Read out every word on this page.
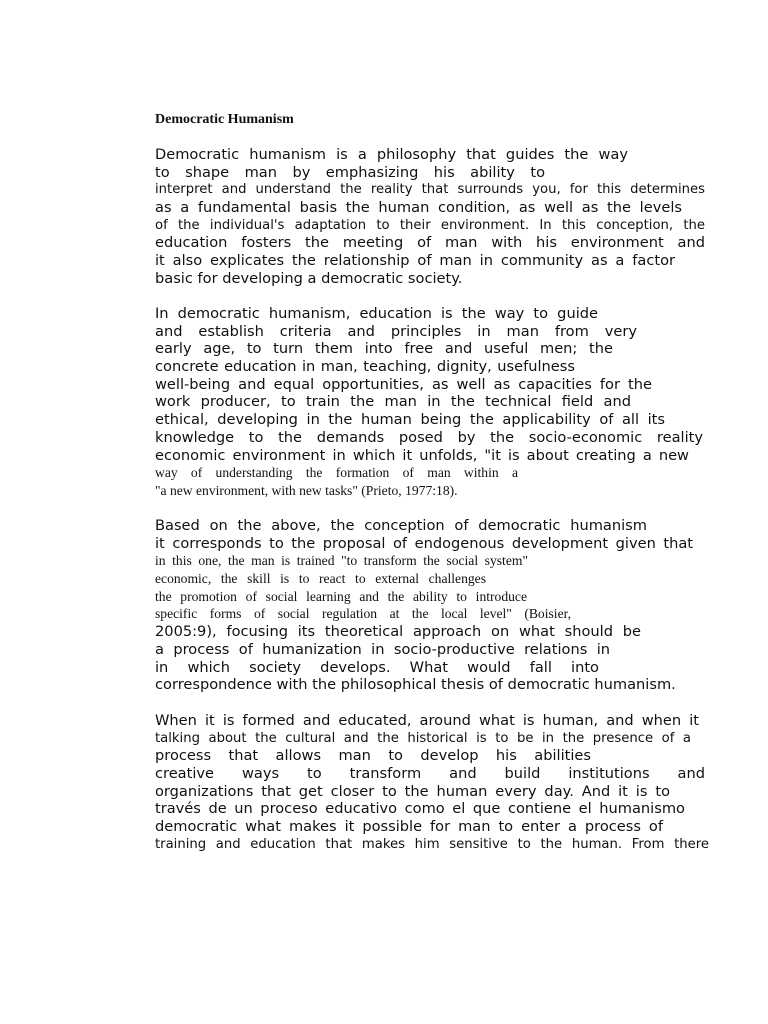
Democratic Humanism
Democratic humanism is a philosophy that guides the way
to shape man by emphasizing his ability to
interpret and understand the reality that surrounds you, for this determines
as a fundamental basis the human condition, as well as the levels
of the individual's adaptation to their environment. In this conception, the
education fosters the meeting of man with his environment and
it also explicates the relationship of man in community as a factor
basic for developing a democratic society.
In democratic humanism, education is the way to guide
and establish criteria and principles in man from very
early age, to turn them into free and useful men; the
concrete education in man, teaching, dignity, usefulness
well-being and equal opportunities, as well as capacities for the
work producer, to train the man in the technical field and
ethical, developing in the human being the applicability of all its
knowledge to the demands posed by the socio-economic reality
economic environment in which it unfolds, "it is about creating a new
way of understanding the formation of man within a
"a new environment, with new tasks" (Prieto, 1977:18).
Based on the above, the conception of democratic humanism
it corresponds to the proposal of endogenous development given that
in this one, the man is trained "to transform the social system"
economic, the skill is to react to external challenges
the promotion of social learning and the ability to introduce
specific forms of social regulation at the local level" (Boisier,
2005:9), focusing its theoretical approach on what should be
a process of humanization in socio-productive relations in
in which society develops. What would fall into
correspondence with the philosophical thesis of democratic humanism.
When it is formed and educated, around what is human, and when it
talking about the cultural and the historical is to be in the presence of a
process that allows man to develop his abilities
creative ways to transform and build institutions and
organizations that get closer to the human every day. And it is to
través de un proceso educativo como el que contiene el humanismo
democratic what makes it possible for man to enter a process of
training and education that makes him sensitive to the human. From there
